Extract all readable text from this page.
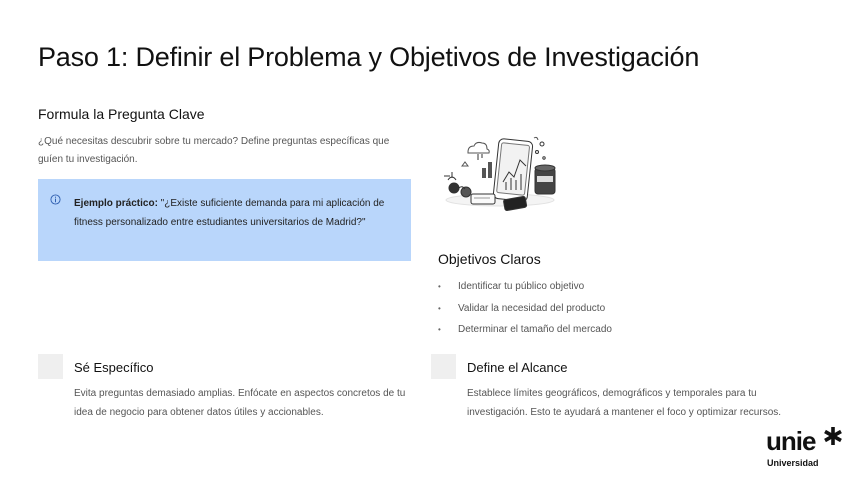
Paso 1: Definir el Problema y Objetivos de Investigación
Formula la Pregunta Clave
¿Qué necesitas descubrir sobre tu mercado? Define preguntas específicas que guíen tu investigación.
Ejemplo práctico: "¿Existe suficiente demanda para mi aplicación de fitness personalizado entre estudiantes universitarios de Madrid?"
Objetivos Claros
• Identificar tu público objetivo
• Validar la necesidad del producto
• Determinar el tamaño del mercado
Sé Específico
Evita preguntas demasiado amplias. Enfócate en aspectos concretos de tu idea de negocio para obtener datos útiles y accionables.
Define el Alcance
Establece límites geográficos, demográficos y temporales para tu investigación. Esto te ayudará a mantener el foco y optimizar recursos.
unie
Universidad
